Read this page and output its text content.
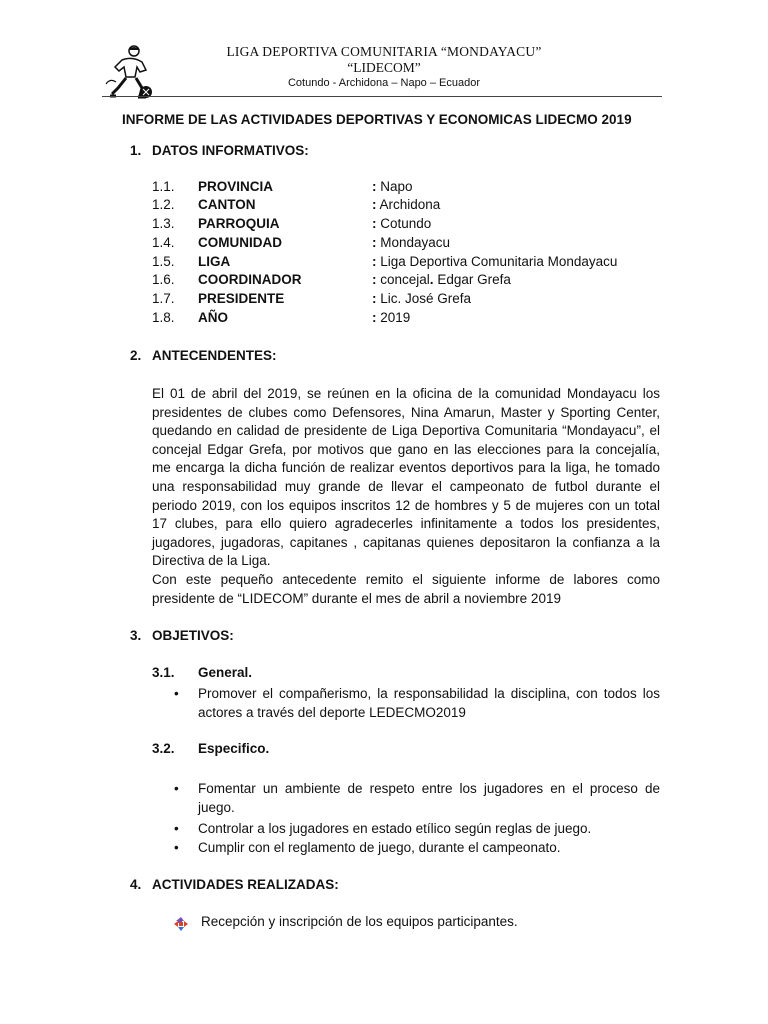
LIGA DEPORTIVA COMUNITARIA “MONDAYACU”
“LIDECOM”
Cotundo - Archidona – Napo – Ecuador
INFORME DE LAS ACTIVIDADES DEPORTIVAS Y ECONOMICAS LIDECMO 2019
1. DATOS INFORMATIVOS:
1.1. PROVINCIA	: Napo
1.2. CANTON	: Archidona
1.3. PARROQUIA	: Cotundo
1.4. COMUNIDAD	: Mondayacu
1.5. LIGA	: Liga Deportiva Comunitaria Mondayacu
1.6. COORDINADOR	: concejal. Edgar Grefa
1.7. PRESIDENTE	: Lic. José Grefa
1.8. AÑO	: 2019
2. ANTECENDENTES:
El 01 de abril del 2019, se reúnen en la oficina de la comunidad Mondayacu los
presidentes de clubes como Defensores, Nina Amarun, Master y Sporting Center,
quedando en calidad de presidente de Liga Deportiva Comunitaria “Mondayacu”, el
concejal Edgar Grefa, por motivos que gano en las elecciones para la concejalía,
me encarga la dicha función de realizar eventos deportivos para la liga, he tomado
una responsabilidad muy grande de llevar el campeonato de futbol durante el
periodo 2019, con los equipos inscritos 12 de hombres y 5 de mujeres con un total
17 clubes, para ello quiero agradecerles infinitamente a todos los presidentes,
jugadores, jugadoras, capitanes , capitanas quienes depositaron la confianza a la
Directiva de la Liga.
Con este pequeño antecedente remito el siguiente informe de labores como
presidente de “LIDECOM” durante el mes de abril a noviembre 2019
3. OBJETIVOS:
3.1. General.
• Promover el compañerismo, la responsabilidad la disciplina, con todos los
actores a través del deporte LEDECMO2019
3.2. Especifico.
• Fomentar un ambiente de respeto entre los jugadores en el proceso de
juego.
• Controlar a los jugadores en estado etílico según reglas de juego.
• Cumplir con el reglamento de juego, durante el campeonato.
4. ACTIVIDADES REALIZADAS:
Recepción y inscripción de los equipos participantes.
